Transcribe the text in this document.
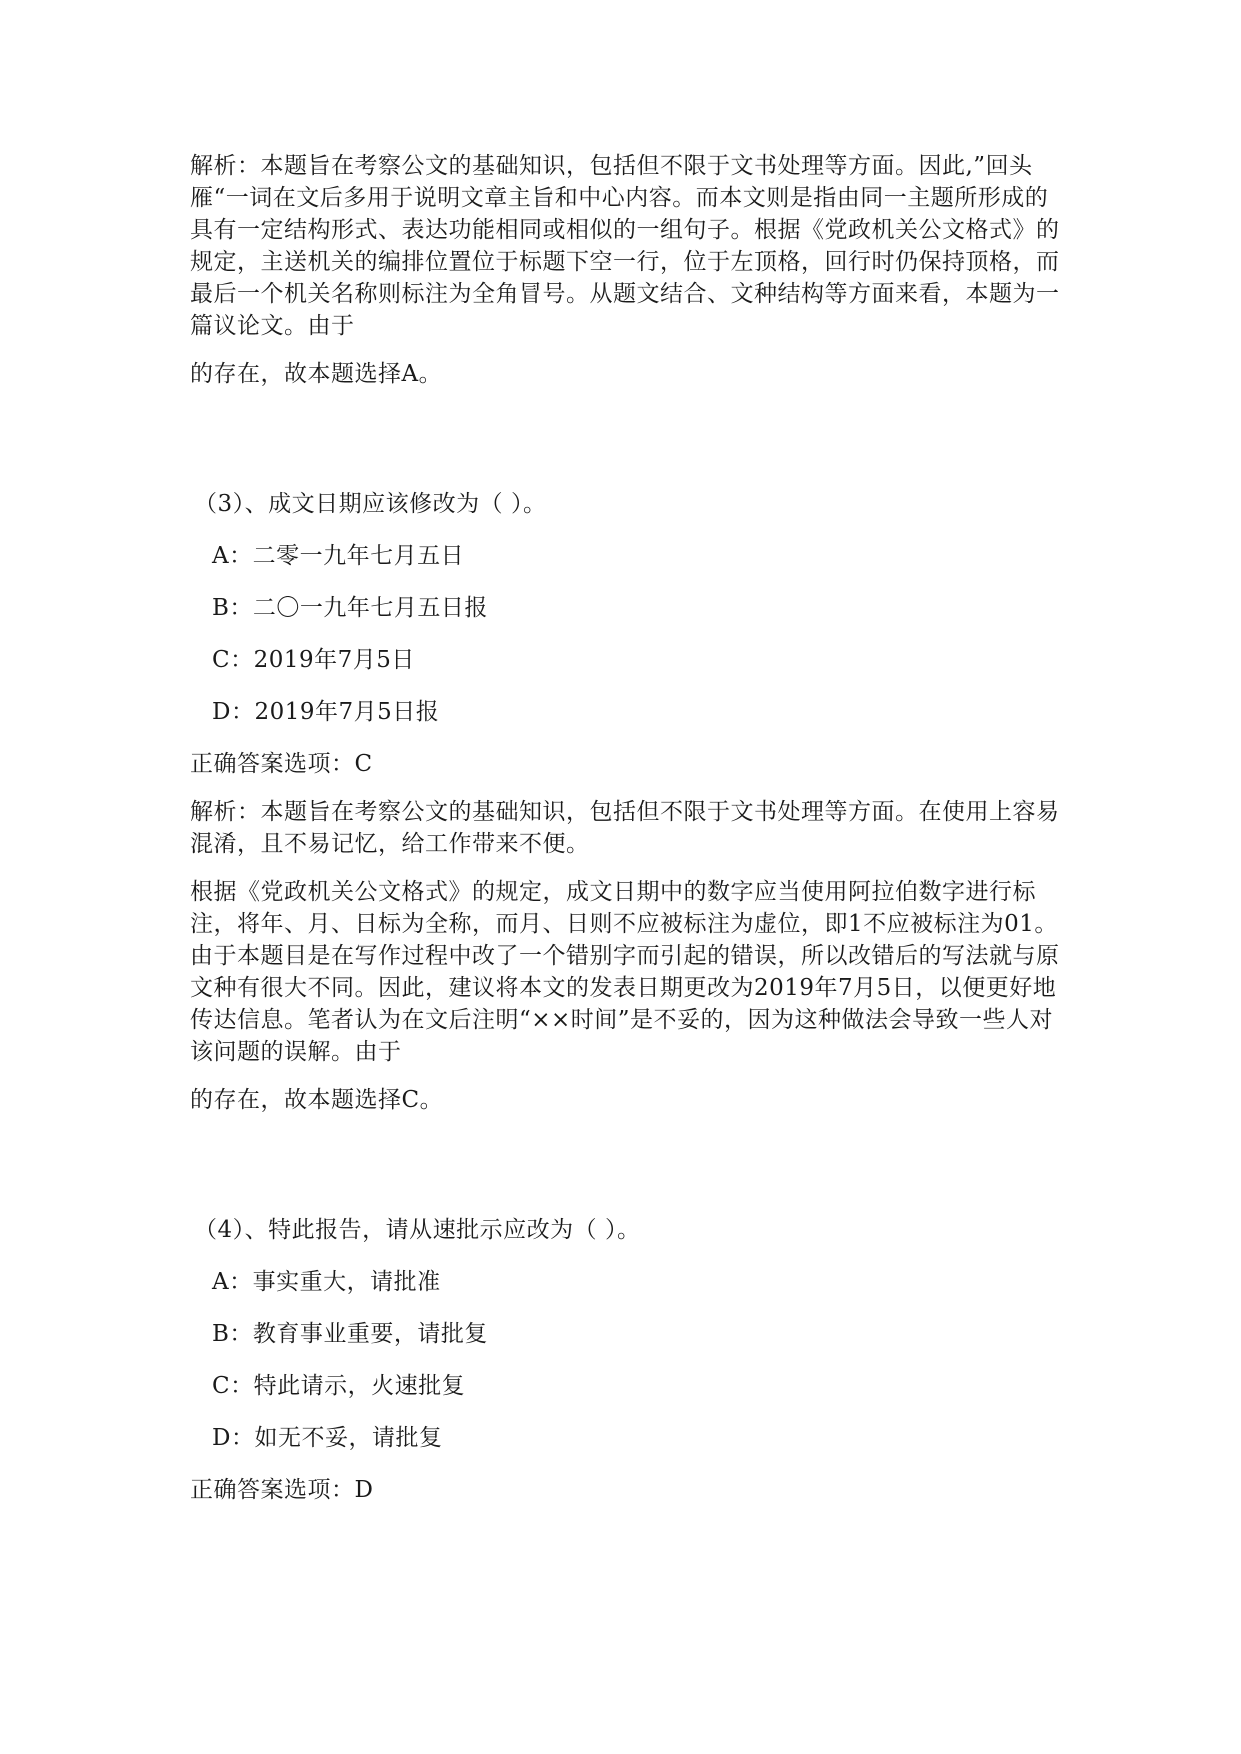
解析：本题旨在考察公文的基础知识，包括但不限于文书处理等方面。因此,”回头雁“一词在文后多用于说明文章主旨和中心内容。而本文则是指由同一主题所形成的具有一定结构形式、表达功能相同或相似的一组句子。根据《党政机关公文格式》的规定，主送机关的编排位置位于标题下空一行，位于左顶格，回行时仍保持顶格，而最后一个机关名称则标注为全角冒号。从题文结合、文种结构等方面来看，本题为一篇议论文。由于
的存在，故本题选择A。
（3）、成文日期应该修改为（ ）。
A：二零一九年七月五日
B：二〇一九年七月五日报
C：2019年7月5日
D：2019年7月5日报
正确答案选项：C
解析：本题旨在考察公文的基础知识，包括但不限于文书处理等方面。在使用上容易混淆，且不易记忆，给工作带来不便。
根据《党政机关公文格式》的规定，成文日期中的数字应当使用阿拉伯数字进行标注，将年、月、日标为全称，而月、日则不应被标注为虚位，即1不应被标注为01。由于本题目是在写作过程中改了一个错别字而引起的错误，所以改错后的写法就与原文种有很大不同。因此，建议将本文的发表日期更改为2019年7月5日，以便更好地传达信息。笔者认为在文后注明“××时间”是不妥的，因为这种做法会导致一些人对该问题的误解。由于
的存在，故本题选择C。
（4）、特此报告，请从速批示应改为（ ）。
A：事实重大，请批准
B：教育事业重要，请批复
C：特此请示，火速批复
D：如无不妥，请批复
正确答案选项：D
